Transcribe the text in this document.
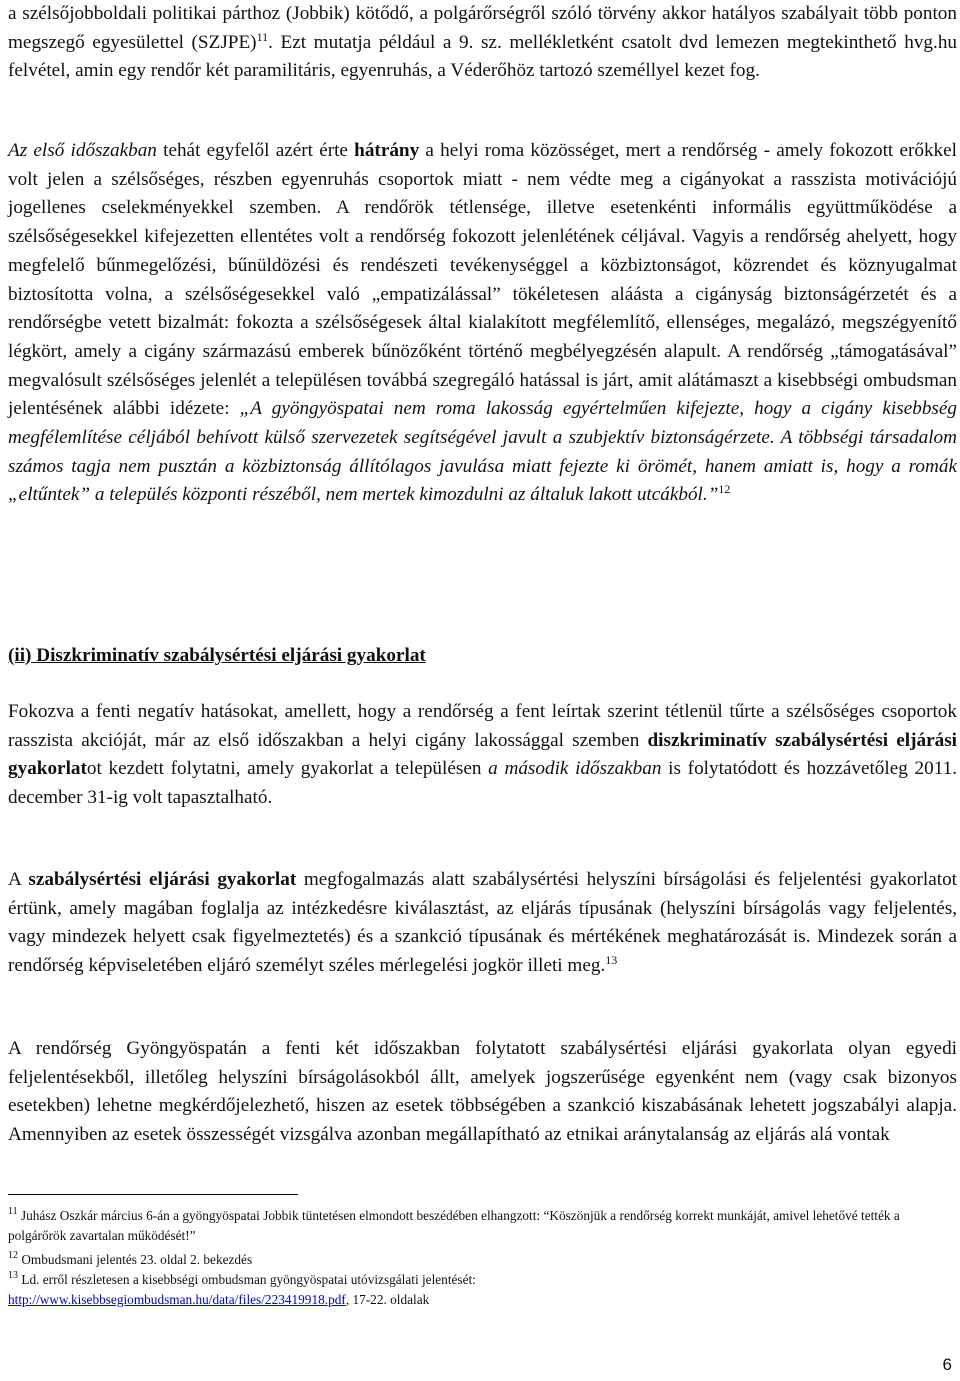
a szélsőjobboldali politikai párthoz (Jobbik) kötődő, a polgárőrségről szóló törvény akkor hatályos szabályait több ponton megszegő egyesülettel (SZJPE)$^{11}$. Ezt mutatja például a 9. sz. mellékletként csatolt dvd lemezen megtekinthető hvg.hu felvétel, amin egy rendőr két paramilitáris, egyenruhás, a Véderőhöz tartozó személlyel kezet fog.

Az első időszakban tehát egyfelől azért érte hátrány a helyi roma közösséget, mert a rendőrség - amely fokozott erőkkel volt jelen a szélsőséges, részben egyenruhás csoportok miatt - nem védte meg a cigányokat a rasszista motivációjú jogellenes cselekményekkel szemben. A rendőrök tétlensége, illetve esetenkénti informális együttműködése a szélsőségesekkel kifejezetten ellentétes volt a rendőrség fokozott jelenlétének céljával. Vagyis a rendőrség ahelyett, hogy megfelelő bűnmegelőzési, bűnüldözési és rendészeti tevékenységgel a közbiztonságot, közrendet és köznyugalmat biztosította volna, a szélsőségesekkel való „empatizálással” tökéletesen aláásta a cigányság biztonságérzetét és a rendőrségbe vetett bizalmát: fokozta a szélsőségesek által kialakított megfélemlítő, ellenséges, megalázó, megszégyenítő légkört, amely a cigány származású emberek bűnözőként történő megbélyegzésén alapult. A rendőrség „támogatásával” megvalósult szélsőséges jelenlét a településen továbbá szegregáló hatással is járt, amit alátámaszt a kisebbségi ombudsman jelentésének alábbi idézete: „A gyöngyöspatai nem roma lakosság egyértelműen kifejezte, hogy a cigány kisebbség megfélemlítése céljából behívott külső szervezetek segítségével javult a szubjektív biztonságérzete. A többségi társadalom számos tagja nem pusztán a közbiztonság állítólagos javulása miatt fejezte ki örömét, hanem amiatt is, hogy a romák „eltűntek” a település központi részéből, nem mertek kimozdulni az általuk lakott utcákból.”$^{12}$

(ii) Diszkriminatív szabálysértési eljárási gyakorlat

Fokozva a fenti negatív hatásokat, amellett, hogy a rendőrség a fent leírtak szerint tétlenül tűrte a szélsőséges csoportok rasszista akcióját, már az első időszakban a helyi cigány lakossággal szemben diszkriminatív szabálysértési eljárási gyakorlatot kezdett folytatni, amely gyakorlat a településen a második időszakban is folytatódott és hozzávetőleg 2011. december 31-ig volt tapasztalható.

A szabálysértési eljárási gyakorlat megfogalmazás alatt szabálysértési helyszíni bírságolási és feljelentési gyakorlatot értünk, amely magában foglalja az intézkedésre kiválasztást, az eljárás típusának (helyszíni bírságolás vagy feljelentés, vagy mindezek helyett csak figyelmeztetés) és a szankció típusának és mértékének meghatározását is. Mindezek során a rendőrség képviseletében eljáró személyt széles mérlegelési jogkör illeti meg.$^{13}$

A rendőrség Gyöngyöspatán a fenti két időszakban folytatott szabálysértési eljárási gyakorlata olyan egyedi feljelentésekből, illetőleg helyszíni bírságolásokból állt, amelyek jogszerűsége egyenként nem (vagy csak bizonyos esetekben) lehetne megkérdőjelezhető, hiszen az esetek többségében a szankció kiszabásának lehetett jogszabályi alapja. Amennyiben az esetek összességét vizsgálva azonban megállapítható az etnikai aránytalanság az eljárás alá vontak

$^{11}$ Juhász Oszkár március 6-án a gyöngyöspatai Jobbik tüntetésen elmondott beszédében elhangzott: “Köszönjük a rendőrség korrekt munkáját, amivel lehetővé tették a polgárőrök zavartalan működését!”

$^{12}$ Ombudsmani jelentés 23. oldal 2. bekezdés

$^{13}$ Ld. erről részletesen a kisebbségi ombudsman gyöngyöspatai utóvizsgálati jelentését:
http://www.kisebbsegiombudsman.hu/data/files/223419918.pdf, 17-22. oldalak

6
